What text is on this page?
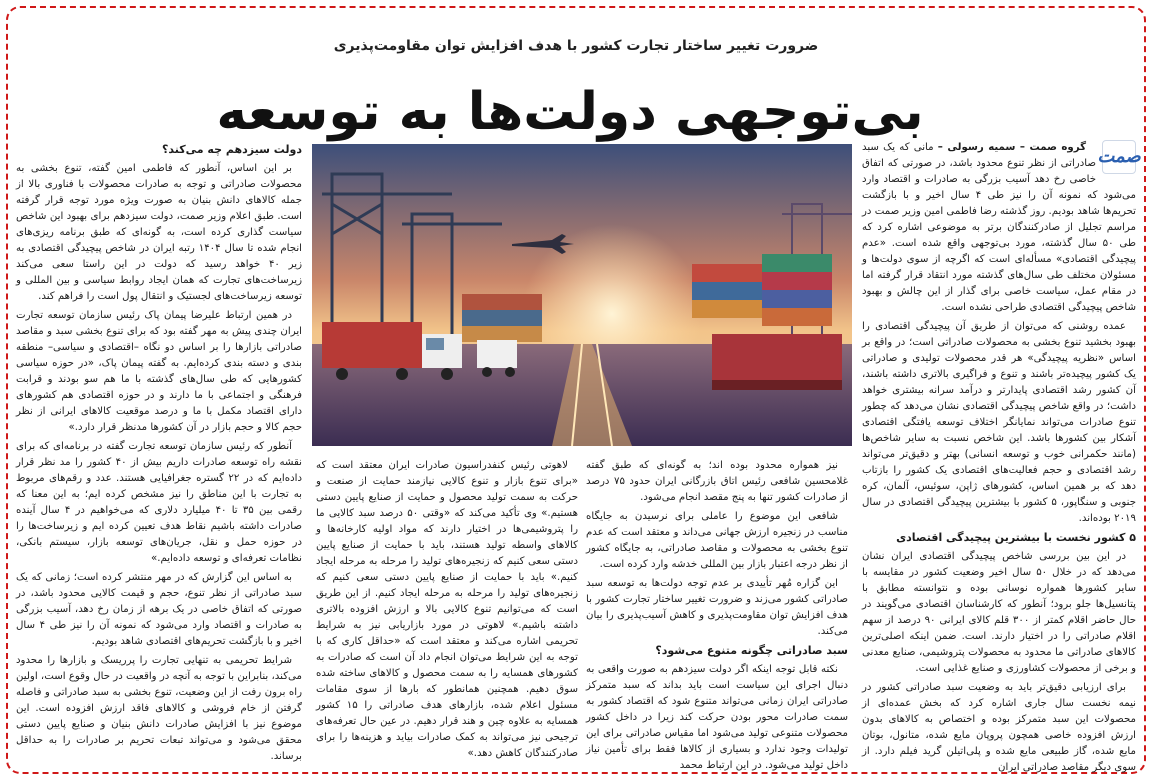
ضرورت تغییر ساختار تجارت کشور با هدف افزایش توان مقاومت‌پذیری
بی‌توجهی دولت‌ها به توسعه
صمت

گروه صمت – سمیه رسولی – مانی که یک سبد صادراتی از نظر تنوع محدود باشد، در صورتی که اتفاق خاصی رخ دهد آسیب بزرگی به صادرات و اقتصاد وارد می‌شود که نمونه آن را نیز طی ۴ سال اخیر و با بازگشت تحریم‌ها شاهد بودیم. روز گذشته رضا فاطمی امین وزیر صمت در مراسم تجلیل از صادرکنندگان برتر به موضوعی اشاره کرد که طی ۵۰ سال گذشته، مورد بی‌توجهی واقع شده است. «عدم پیچیدگی اقتصادی» مسأله‌ای است که اگرچه از سوی دولت‌ها و مسئولان مختلف طی سال‌های گذشته مورد انتقاد قرار گرفته اما در مقام عمل، سیاست خاصی برای گذار از این چالش و بهبود شاخص پیچیدگی اقتصادی طراحی نشده است.

عمده روشنی که می‌توان از طریق آن پیچیدگی اقتصادی را بهبود بخشید تنوع بخشی به محصولات صادراتی است؛ در واقع بر اساس «نظریه پیچیدگی» هر قدر محصولات تولیدی و صادراتی یک کشور پیچیده‌تر باشند و تنوع و فراگیری بالاتری داشته باشند، آن کشور رشد اقتصادی پایدارتر و درآمد سرانه بیشتری خواهد داشت؛ در واقع شاخص پیچیدگی اقتصادی نشان می‌دهد که چطور تنوع صادرات می‌تواند نمایانگر اختلاف توسعه یافتگی اقتصادی آشکار بین کشورها باشد. این شاخص نسبت به سایر شاخص‌ها (مانند حکمرانی خوب و توسعه انسانی) بهتر و دقیق‌تر می‌تواند رشد اقتصادی و حجم فعالیت‌های اقتصادی یک کشور را بازتاب دهد که بر همین اساس، کشورهای ژاپن، سوئیس، آلمان، کره جنوبی و سنگاپور، ۵ کشور با بیشترین پیچیدگی اقتصادی در سال ۲۰۱۹ بوده‌اند.

۵ کشور نخست با بیشترین پیچیدگی اقتصادی

در این بین بررسی شاخص پیچیدگی اقتصادی ایران نشان می‌دهد که در خلال ۵۰ سال اخیر وضعیت کشور در مقایسه با سایر کشورها همواره نوسانی بوده و نتوانسته مطابق با پتانسیل‌ها جلو برود؛ آنطور که کارشناسان اقتصادی می‌گویند در حال حاضر اقلام کمتر از ۳۰۰ قلم کالای ایرانی ۹۰ درصد از سهم اقلام صادراتی را در اختیار دارند. است. ضمن اینکه اصلی‌ترین کالاهای صادراتی ما محدود به محصولات پتروشیمی، صنایع معدنی و برخی از محصولات کشاورزی و صنایع غذایی است.

برای ارزیابی دقیق‌تر باید به وضعیت سبد صادراتی کشور در نیمه نخست سال جاری اشاره کرد که بخش عمده‌ای از محصولات این سبد متمرکز بوده و اختصاص به کالاهای بدون ارزش افزوده خاصی همچون پروپان مایع شده، متانول، بوتان مایع شده، گاز طبیعی مایع شده و پلی‌اتیلن گرید فیلم دارد. از سوی دیگر مقاصد صادراتی ایران

نیز همواره محدود بوده اند؛ به گونه‌ای که طبق گفته غلامحسین شافعی رئیس اتاق بازرگانی ایران حدود ۷۵ درصد از صادرات کشور تنها به پنج مقصد انجام می‌شود.

شافعی این موضوع را عاملی برای نرسیدن به جایگاه مناسب در زنجیره ارزش جهانی می‌داند و معتقد است که عدم تنوع بخشی به محصولات و مقاصد صادراتی، به جایگاه کشور از نظر درجه اعتبار بازار بین المللی خدشه وارد کرده است.

این گزاره مُهر تأییدی بر عدم توجه دولت‌ها به توسعه سبد صادراتی کشور می‌زند و ضرورت تغییر ساختار تجارت کشور با هدف افزایش توان مقاومت‌پذیری و کاهش آسیب‌پذیری را بیان می‌کند.

سبد صادراتی چگونه متنوع می‌شود؟

نکته قابل توجه اینکه اگر دولت سیزدهم به صورت واقعی به دنبال اجرای این سیاست است باید بداند که سبد متمرکز صادراتی ایران زمانی می‌تواند متنوع شود که اقتصاد کشور به سمت صادرات محور بودن حرکت کند زیرا در داخل کشور محصولات متنوعی تولید می‌شود اما مقیاس صادراتی برای این تولیدات وجود ندارد و بسیاری از کالاها فقط برای تأمین نیاز داخل تولید می‌شود. در این ارتباط محمد

لاهوتی رئیس کنفدراسیون صادرات ایران معتقد است که «برای تنوع بازار و تنوع کالایی نیازمند حمایت از صنعت و حرکت به سمت تولید محصول و حمایت از صنایع پایین دستی هستیم.» وی تأکید می‌کند که «وقتی ۵۰ درصد سبد کالایی ما را پتروشیمی‌ها در اختیار دارند که مواد اولیه کارخانه‌ها و کالاهای واسطه تولید هستند، باید با حمایت از صنایع پایین دستی سعی کنیم که زنجیره‌های تولید را مرحله به مرحله ایجاد کنیم.» باید با حمایت از صنایع پایین دستی سعی کنیم که زنجیره‌های تولید را مرحله به مرحله ایجاد کنیم. از این طریق است که می‌توانیم تنوع کالایی بالا و ارزش افزوده بالاتری داشته باشیم.» لاهوتی در مورد بازاریابی نیز به شرایط تحریمی اشاره می‌کند و معتقد است که «حداقل کاری که با توجه به این شرایط می‌توان انجام داد آن است که صادرات به کشورهای همسایه را به سمت محصول و کالاهای ساخته شده سوق دهیم. همچنین همانطور که بارها از سوی مقامات مسئول اعلام شده، بازارهای هدف صادراتی را ۱۵ کشور همسایه به علاوه چین و هند قرار دهیم. در عین حال تعرفه‌های ترجیحی نیز می‌تواند به کمک صادرات بیاید و هزینه‌ها را برای صادرکنندگان کاهش دهد.»

دولت سیزدهم چه می‌کند؟

بر این اساس، آنطور که فاطمی امین گفته، تنوع بخشی به محصولات صادراتی و توجه به صادرات محصولات با فناوری بالا از جمله کالاهای دانش بنیان به صورت ویژه مورد توجه قرار گرفته است. طبق اعلام وزیر صمت، دولت سیزدهم برای بهبود این شاخص سیاست گذاری کرده است، به گونه‌ای که طبق برنامه ریزی‌های انجام شده تا سال ۱۴۰۴ رتبه ایران در شاخص پیچیدگی اقتصادی به زیر ۴۰ خواهد رسید که دولت در این راستا سعی می‌کند زیرساخت‌های تجارت که همان ایجاد روابط سیاسی و بین المللی و توسعه زیرساخت‌های لجستیک و انتقال پول است را فراهم کند.

در همین ارتباط علیرضا پیمان پاک رئیس سازمان توسعه تجارت ایران چندی پیش به مهر گفته بود که برای تنوع بخشی سبد و مقاصد صادراتی بازارها را بر اساس دو نگاه –اقتصادی و سیاسی– منطقه بندی و دسته بندی کرده‌ایم. به گفته پیمان پاک، «در حوزه سیاسی کشورهایی که طی سال‌های گذشته با ما هم سو بودند و قرابت فرهنگی و اجتماعی با ما دارند و در حوزه اقتصادی هم کشورهای دارای اقتصاد مکمل با ما و درصد موقعیت کالاهای ایرانی از نظر حجم کالا و حجم بازار در آن کشورها مدنظر قرار دارد.»

آنطور که رئیس سازمان توسعه تجارت گفته در برنامه‌ای که برای نقشه راه توسعه صادرات داریم بیش از ۴۰ کشور را مد نظر قرار داده‌ایم که در ۲۲ گستره جغرافیایی هستند. عدد و رقم‌های مربوط به تجارت با این مناطق را نیز مشخص کرده ایم؛ به این معنا که رقمی بین ۳۵ تا ۴۰ میلیارد دلاری که می‌خواهیم در ۴ سال آینده صادرات داشته باشیم نقاط هدف تعیین کرده ایم و زیرساخت‌ها را در حوزه حمل و نقل، جریان‌های توسعه بازار، سیستم بانکی، نظامات تعرفه‌ای و توسعه داده‌ایم.»

به اساس این گزارش که در مهر منتشر کرده است؛ زمانی که یک سبد صادراتی از نظر تنوع، حجم و قیمت کالایی محدود باشد، در صورتی که اتفاق خاصی در یک برهه از زمان رخ دهد، آسیب بزرگی به صادرات و اقتصاد وارد می‌شود که نمونه آن را نیز طی ۴ سال اخیر و با بازگشت تحریم‌های اقتصادی شاهد بودیم.

شرایط تحریمی به تنهایی تجارت را پرریسک و بازارها را محدود می‌کند، بنابراین با توجه به آنچه در واقعیت در حال وقوع است، اولین راه برون رفت از این وضعیت، تنوع بخشی به سبد صادراتی و فاصله گرفتن از خام فروشی و کالاهای فاقد ارزش افزوده است. این موضوع نیز با افزایش صادرات دانش بنیان و صنایع پایین دستی محقق می‌شود و می‌تواند تبعات تحریم بر صادرات را به حداقل برساند.
